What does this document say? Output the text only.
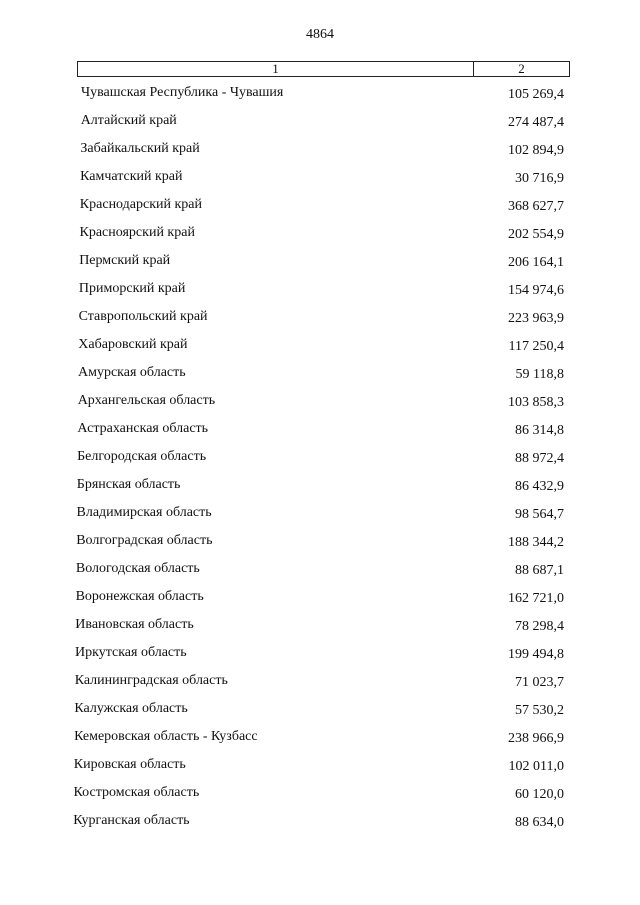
4864
1	2
Чувашская Республика - Чувашия	105 269,4
Алтайский край	274 487,4
Забайкальский край	102 894,9
Камчатский край	30 716,9
Краснодарский край	368 627,7
Красноярский край	202 554,9
Пермский край	206 164,1
Приморский край	154 974,6
Ставропольский край	223 963,9
Хабаровский край	117 250,4
Амурская область	59 118,8
Архангельская область	103 858,3
Астраханская область	86 314,8
Белгородская область	88 972,4
Брянская область	86 432,9
Владимирская область	98 564,7
Волгоградская область	188 344,2
Вологодская область	88 687,1
Воронежская область	162 721,0
Ивановская область	78 298,4
Иркутская область	199 494,8
Калининградская область	71 023,7
Калужская область	57 530,2
Кемеровская область - Кузбасс	238 966,9
Кировская область	102 011,0
Костромская область	60 120,0
Курганская область	88 634,0
